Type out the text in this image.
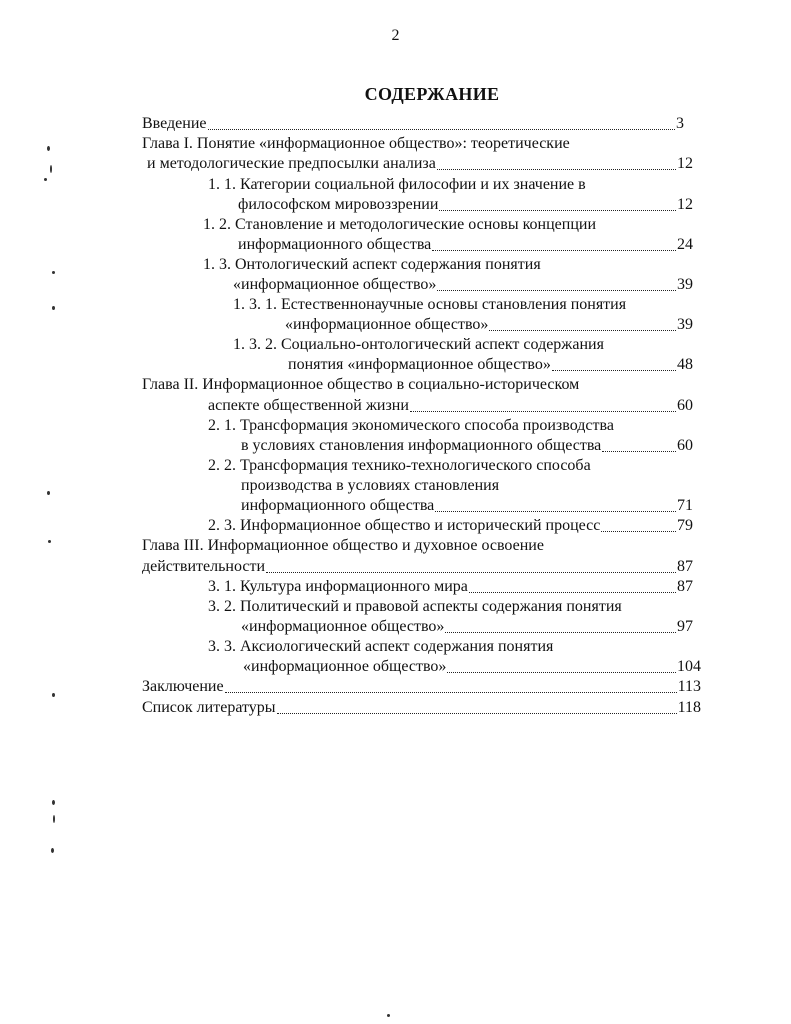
2
СОДЕРЖАНИЕ
Введение	3
Глава I. Понятие «информационное общество»: теоретические
и методологические предпосылки анализа	12
1. 1. Категории социальной философии и их значение в
философском мировоззрении	12
1. 2. Становление и методологические основы концепции
информационного общества	24
1. 3. Онтологический аспект содержания понятия
«информационное общество»	39
1. 3. 1. Естественнонаучные основы становления понятия
«информационное общество»	39
1. 3. 2. Социально-онтологический аспект содержания
понятия «информационное общество»	48
Глава II. Информационное общество в социально-историческом
аспекте общественной жизни	60
2. 1. Трансформация экономического способа производства
в условиях становления информационного общества	60
2. 2. Трансформация технико-технологического способа
производства в условиях становления
информационного общества	71
2. 3. Информационное общество и исторический процесс	79
Глава III. Информационное общество и духовное освоение
действительности	87
3. 1. Культура информационного мира	87
3. 2. Политический и правовой аспекты содержания понятия
«информационное общество»	97
3. 3. Аксиологический аспект содержания понятия
«информационное общество»	104
Заключение	113
Список литературы	118
